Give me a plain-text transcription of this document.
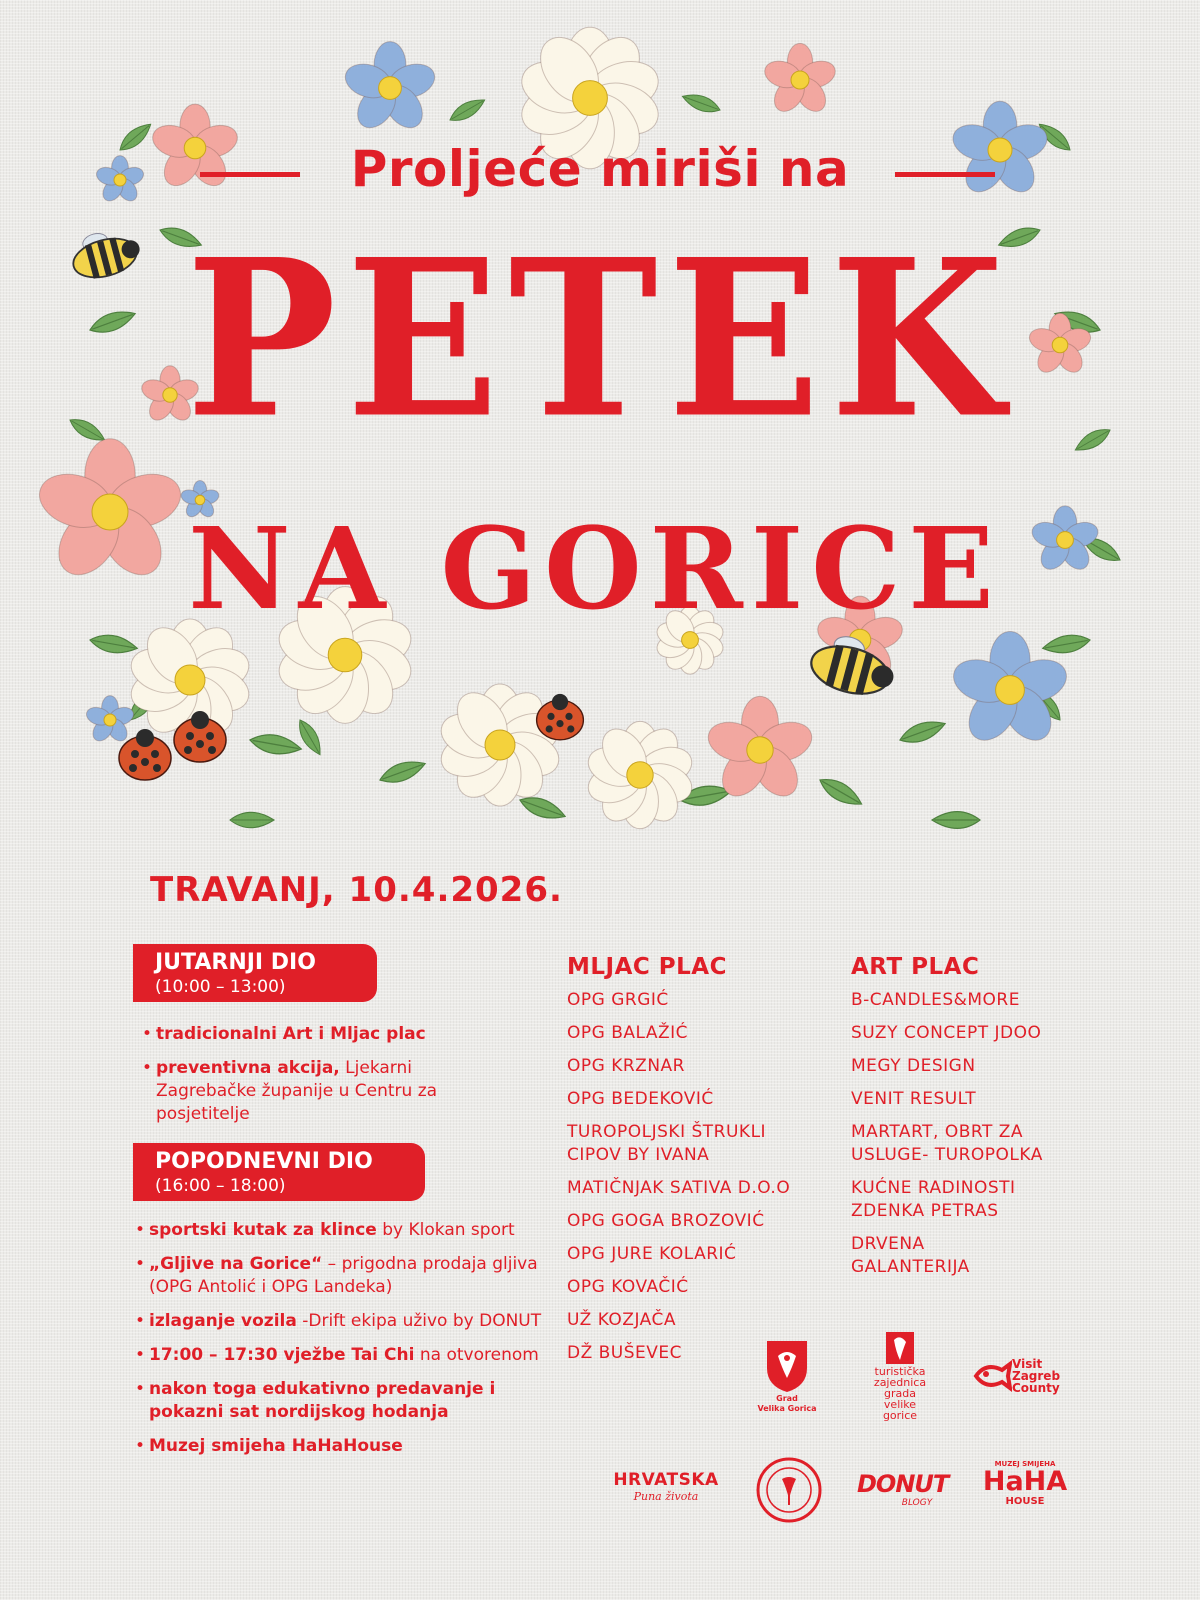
Proljeće miriši na
PETEK
NA GORICE
TRAVANJ, 10.4.2026.
JUTARNJI DIO
(10:00 – 13:00)
• tradicionalni Art i Mljac plac
• preventivna akcija, Ljekarni Zagrebačke županije u Centru za posjetitelje
POPODNEVNI DIO
(16:00 – 18:00)
• sportski kutak za klince by Klokan sport
• „Gljive na Gorice“ – prigodna prodaja gljiva (OPG Antolić i OPG Landeka)
• izlaganje vozila -Drift ekipa uživo by DONUT
• 17:00 – 17:30 vježbe Tai Chi na otvorenom
• nakon toga edukativno predavanje i pokazni sat nordijskog hodanja
• Muzej smijeha HaHaHouse
MLJAC PLAC
OPG GRGIĆ
OPG BALAŽIĆ
OPG KRZNAR
OPG BEDEKOVIĆ
TUROPOLJSKI ŠTRUKLI
CIPOV BY IVANA
MATIČNJAK SATIVA D.O.O
OPG GOGA BROZOVIĆ
OPG JURE KOLARIĆ
OPG KOVAČIĆ
UŽ KOZJAČA
DŽ BUŠEVEC
ART PLAC
B-CANDLES&MORE
SUZY CONCEPT JDOO
MEGY DESIGN
VENIT RESULT
MARTART, OBRT ZA
USLUGE- TUROPOLKA
KUĆNE RADINOSTI
ZDENKA PETRAS
DRVENA
GALANTERIJA
Grad
Velika Gorica
turistička
zajednica
grada
velike
gorice
Visit
Zagreb
County
HRVATSKA
Puna života	DONUT
BLOGY
MUZEJ SMIJEHA
HaHA
HOUSE
